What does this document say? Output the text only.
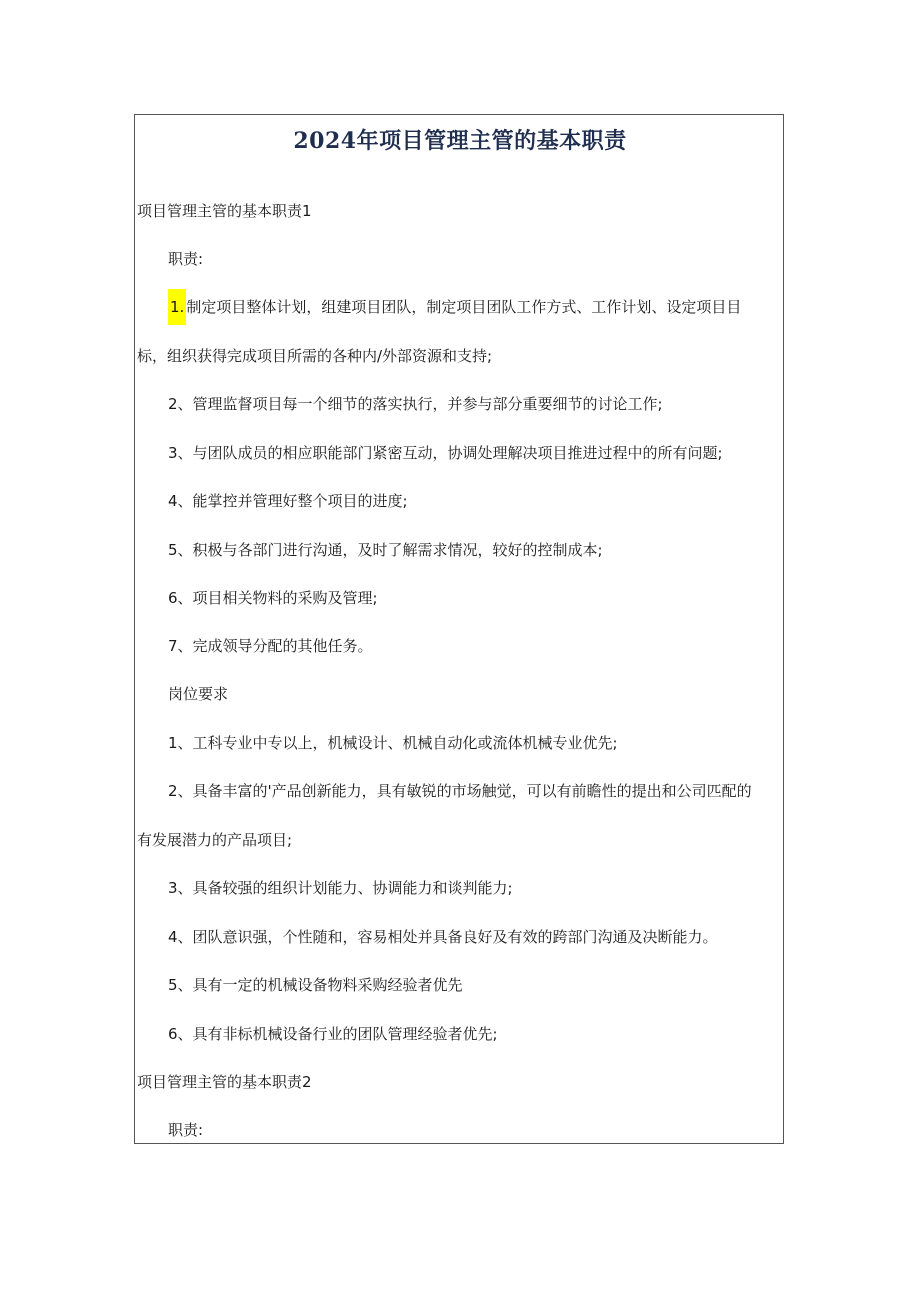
2024年项目管理主管的基本职责

项目管理主管的基本职责1

职责:

1. 制定项目整体计划，组建项目团队，制定项目团队工作方式、工作计划、设定项目目

标，组织获得完成项目所需的各种内/外部资源和支持;

2、管理监督项目每一个细节的落实执行，并参与部分重要细节的讨论工作;

3、与团队成员的相应职能部门紧密互动，协调处理解决项目推进过程中的所有问题;

4、能掌控并管理好整个项目的进度;

5、积极与各部门进行沟通，及时了解需求情况，较好的控制成本;

6、项目相关物料的采购及管理;

7、完成领导分配的其他任务。

岗位要求

1、工科专业中专以上，机械设计、机械自动化或流体机械专业优先;

2、具备丰富的'产品创新能力，具有敏锐的市场触觉，可以有前瞻性的提出和公司匹配的

有发展潜力的产品项目;

3、具备较强的组织计划能力、协调能力和谈判能力;

4、团队意识强，个性随和，容易相处并具备良好及有效的跨部门沟通及决断能力。

5、具有一定的机械设备物料采购经验者优先

6、具有非标机械设备行业的团队管理经验者优先;

项目管理主管的基本职责2

职责:
